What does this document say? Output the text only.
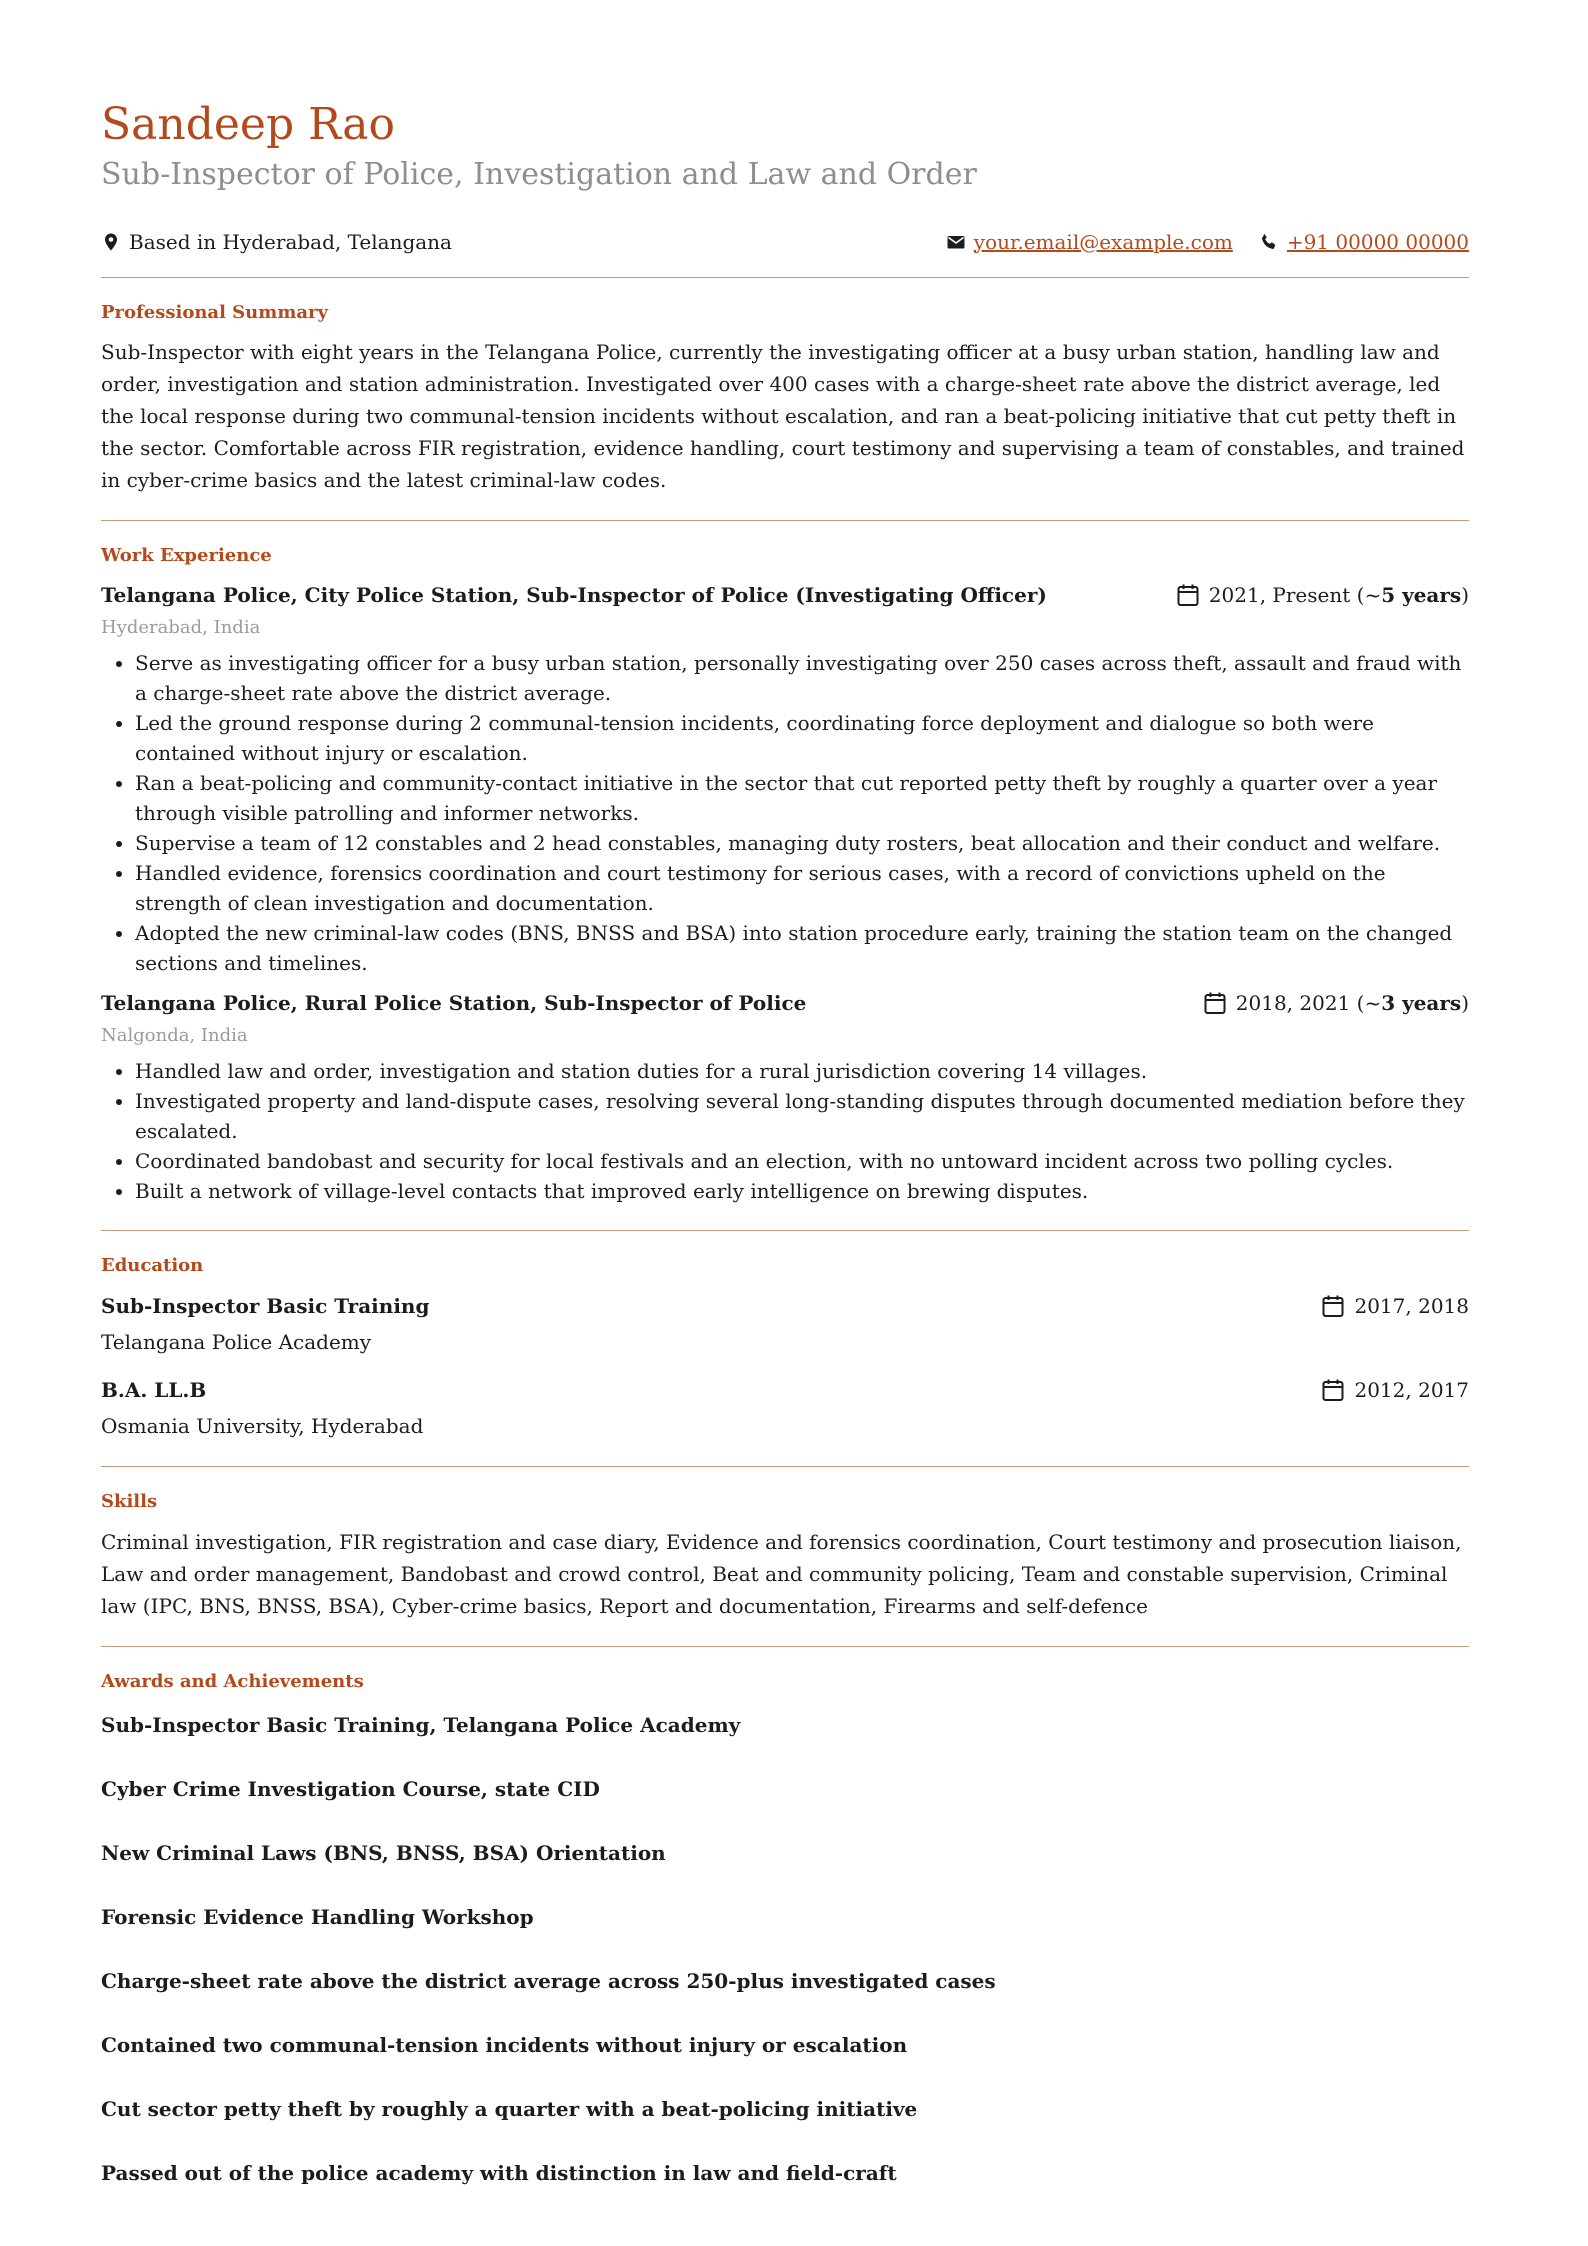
Sandeep Rao
Sub-Inspector of Police, Investigation and Law and Order
Based in Hyderabad, Telangana	your.email@example.com	+91 00000 00000
Professional Summary

Sub-Inspector with eight years in the Telangana Police, currently the investigating officer at a busy urban station, handling law and order, investigation and station administration. Investigated over 400 cases with a charge-sheet rate above the district average, led the local response during two communal-tension incidents without escalation, and ran a beat-policing initiative that cut petty theft in the sector. Comfortable across FIR registration, evidence handling, court testimony and supervising a team of constables, and trained in cyber-crime basics and the latest criminal-law codes.

Work Experience
Telangana Police, City Police Station, Sub-Inspector of Police (Investigating Officer)	2021, Present (~ 5 years )
Hyderabad, India
• Serve as investigating officer for a busy urban station, personally investigating over 250 cases across theft, assault and fraud with a charge-sheet rate above the district average.
• Led the ground response during 2 communal-tension incidents, coordinating force deployment and dialogue so both were contained without injury or escalation.
• Ran a beat-policing and community-contact initiative in the sector that cut reported petty theft by roughly a quarter over a year through visible patrolling and informer networks.
• Supervise a team of 12 constables and 2 head constables, managing duty rosters, beat allocation and their conduct and welfare.
• Handled evidence, forensics coordination and court testimony for serious cases, with a record of convictions upheld on the strength of clean investigation and documentation.
• Adopted the new criminal-law codes (BNS, BNSS and BSA) into station procedure early, training the station team on the changed sections and timelines.
Telangana Police, Rural Police Station, Sub-Inspector of Police	2018, 2021 (~ 3 years )
Nalgonda, India
• Handled law and order, investigation and station duties for a rural jurisdiction covering 14 villages.
• Investigated property and land-dispute cases, resolving several long-standing disputes through documented mediation before they escalated.
• Coordinated bandobast and security for local festivals and an election, with no untoward incident across two polling cycles.
• Built a network of village-level contacts that improved early intelligence on brewing disputes.
Education
Sub-Inspector Basic Training	2017, 2018
Telangana Police Academy
B.A. LL.B	2012, 2017
Osmania University, Hyderabad
Skills

Criminal investigation, FIR registration and case diary, Evidence and forensics coordination, Court testimony and prosecution liaison, Law and order management, Bandobast and crowd control, Beat and community policing, Team and constable supervision, Criminal law (IPC, BNS, BNSS, BSA), Cyber-crime basics, Report and documentation, Firearms and self-defence

Awards and Achievements
Sub-Inspector Basic Training, Telangana Police Academy
Cyber Crime Investigation Course, state CID
New Criminal Laws (BNS, BNSS, BSA) Orientation
Forensic Evidence Handling Workshop
Charge-sheet rate above the district average across 250-plus investigated cases
Contained two communal-tension incidents without injury or escalation
Cut sector petty theft by roughly a quarter with a beat-policing initiative
Passed out of the police academy with distinction in law and field-craft
